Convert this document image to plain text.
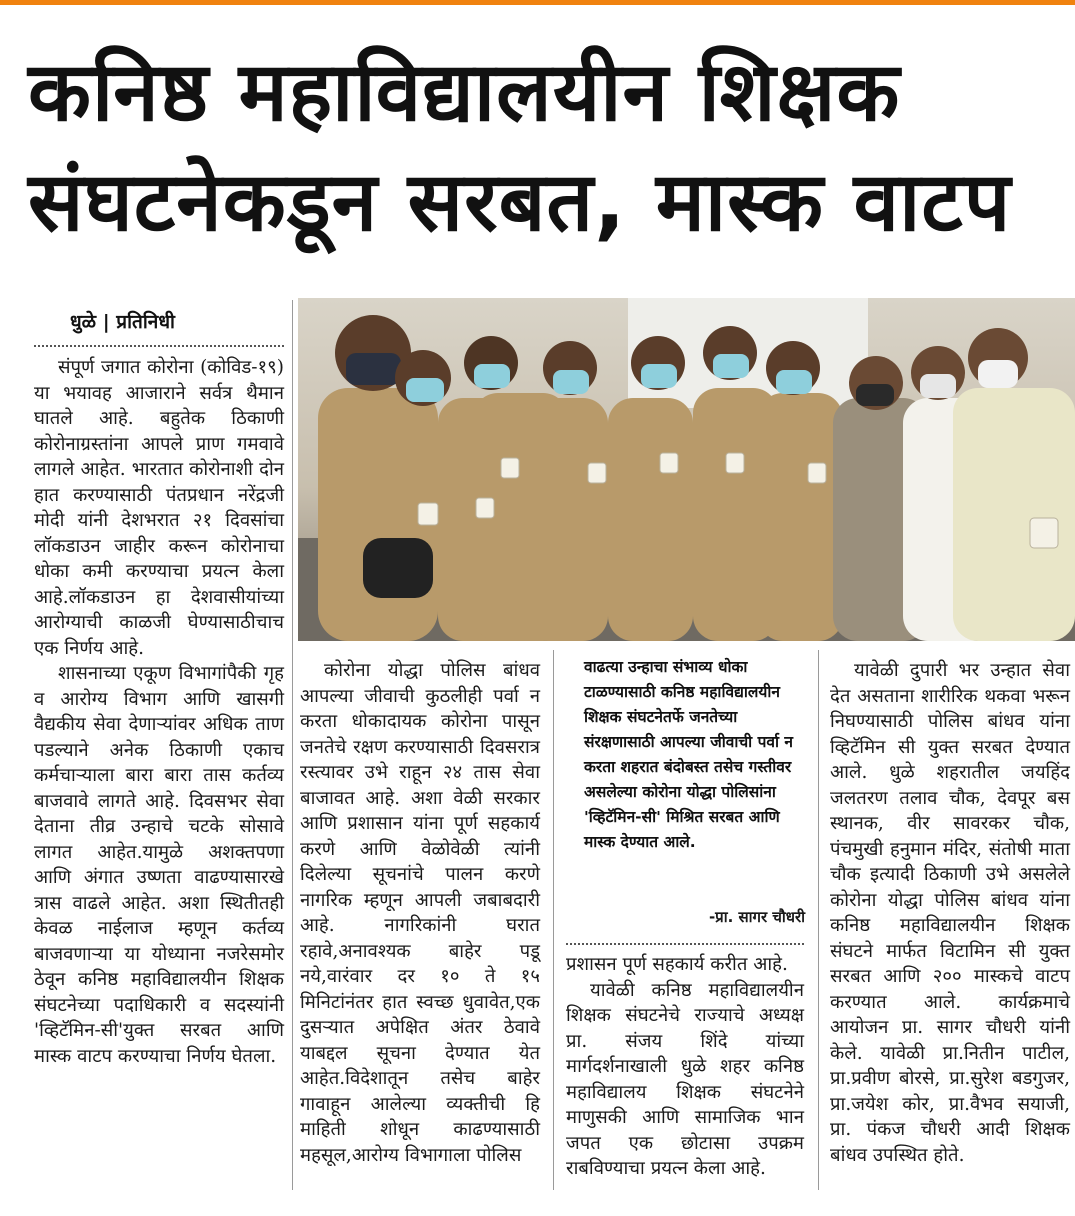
कनिष्ठ महाविद्यालयीन शिक्षक
संघटनेकडून सरबत, मास्क वाटप
धुळे | प्रतिनिधी

संपूर्ण जगात कोरोना (कोविड-१९) या भयावह आजाराने सर्वत्र थैमान घातले आहे. बहुतेक ठिकाणी कोरोनाग्रस्तांना आपले प्राण गमवावे लागले आहेत. भारतात कोरोनाशी दोन हात करण्यासाठी पंतप्रधान नरेंद्रजी मोदी यांनी देशभरात २१ दिवसांचा लॉकडाउन जाहीर करून कोरोनाचा धोका कमी करण्याचा प्रयत्न केला आहे.लॉकडाउन हा देशवासीयांच्या आरोग्याची काळजी घेण्यासाठीचाच एक निर्णय आहे.

शासनाच्या एकूण विभागांपैकी गृह व आरोग्य विभाग आणि खासगी वैद्यकीय सेवा देणाऱ्यांवर अधिक ताण पडल्याने अनेक ठिकाणी एकाच कर्मचाऱ्याला बारा बारा तास कर्तव्य बाजवावे लागते आहे. दिवसभर सेवा देताना तीव्र उन्हाचे चटके सोसावे लागत आहेत.यामुळे अशक्तपणा आणि अंगात उष्णता वाढण्यासारखे त्रास वाढले आहेत. अशा स्थितीतही केवळ नाईलाज म्हणून कर्तव्य बाजवणाऱ्या या योध्याना नजरेसमोर ठेवून कनिष्ठ महाविद्यालयीन शिक्षक संघटनेच्या पदाधिकारी व सदस्यांनी 'व्हिटॅमिन-सी'युक्त सरबत आणि मास्क वाटप करण्याचा निर्णय घेतला.

कोरोना योद्धा पोलिस बांधव आपल्या जीवाची कुठलीही पर्वा न करता धोकादायक कोरोना पासून जनतेचे रक्षण करण्यासाठी दिवसरात्र रस्त्यावर उभे राहून २४ तास सेवा बाजावत आहे. अशा वेळी सरकार आणि प्रशासान यांना पूर्ण सहकार्य करणे आणि वेळोवेळी त्यांनी दिलेल्या सूचनांचे पालन करणे नागरिक म्हणून आपली जबाबदारी आहे. नागरिकांनी घरात रहावे,अनावश्यक बाहेर पडू नये,वारंवार दर १० ते १५ मिनिटांनंतर हात स्वच्छ धुवावेत,एक दुसऱ्यात अपेक्षित अंतर ठेवावे याबद्दल सूचना देण्यात येत आहेत.विदेशातून तसेच बाहेर गावाहून आलेल्या व्यक्तीची हि माहिती शोधून काढण्यासाठी महसूल,आरोग्य विभागाला पोलिस

वाढत्या उन्हाचा संभाव्य धोका टाळण्यासाठी कनिष्ठ महाविद्यालयीन शिक्षक संघटनेतर्फे जनतेच्या संरक्षणासाठी आपल्या जीवाची पर्वा न करता शहरात बंदोबस्त तसेच गस्तीवर असलेल्या कोरोना योद्धा पोलिसांना 'व्हिटॅमिन-सी' मिश्रित सरबत आणि मास्क देण्यात आले.
-प्रा. सागर चौधरी

प्रशासन पूर्ण सहकार्य करीत आहे.

यावेळी कनिष्ठ महाविद्यालयीन शिक्षक संघटनेचे राज्याचे अध्यक्ष प्रा. संजय शिंदे यांच्या मार्गदर्शनाखाली धुळे शहर कनिष्ठ महाविद्यालय शिक्षक संघटनेने माणुसकी आणि सामाजिक भान जपत एक छोटासा उपक्रम राबविण्याचा प्रयत्न केला आहे.

यावेळी दुपारी भर उन्हात सेवा देत असताना शारीरिक थकवा भरून निघण्यासाठी पोलिस बांधव यांना व्हिटॅमिन सी युक्त सरबत देण्यात आले. धुळे शहरातील जयहिंद जलतरण तलाव चौक, देवपूर बस स्थानक, वीर सावरकर चौक, पंचमुखी हनुमान मंदिर, संतोषी माता चौक इत्यादी ठिकाणी उभे असलेले कोरोना योद्धा पोलिस बांधव यांना कनिष्ठ महाविद्यालयीन शिक्षक संघटने मार्फत विटामिन सी युक्त सरबत आणि २०० मास्कचे वाटप करण्यात आले. कार्यक्रमाचे आयोजन प्रा. सागर चौधरी यांनी केले. यावेळी प्रा.नितीन पाटील, प्रा.प्रवीण बोरसे, प्रा.सुरेश बडगुजर, प्रा.जयेश कोर, प्रा.वैभव सयाजी, प्रा. पंकज चौधरी आदी शिक्षक बांधव उपस्थित होते.
